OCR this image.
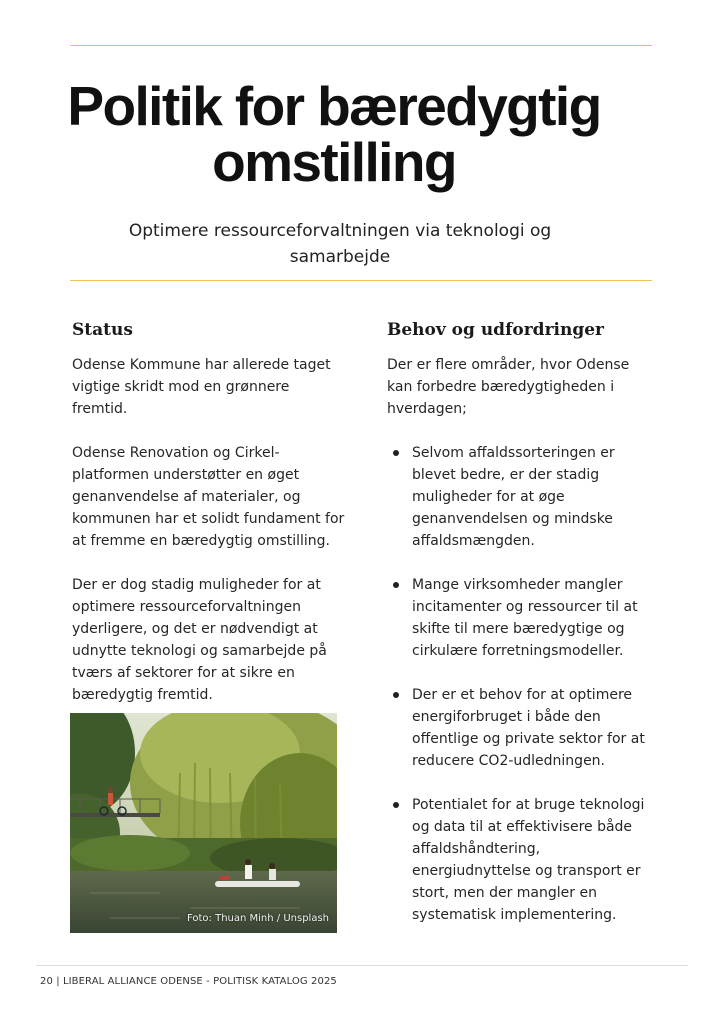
Politik for bæredygtig
omstilling

Optimere ressourceforvaltningen via teknologi og samarbejde

Status

Odense Kommune har allerede taget vigtige skridt mod en grønnere fremtid.

Odense Renovation og Cirkel-platformen understøtter en øget genanvendelse af materialer, og kommunen har et solidt fundament for at fremme en bæredygtig omstilling.

Der er dog stadig muligheder for at optimere ressourceforvaltningen yderligere, og det er nødvendigt at udnytte teknologi og samarbejde på tværs af sektorer for at sikre en bæredygtig fremtid.

Behov og udfordringer

Der er flere områder, hvor Odense kan forbedre bæredygtigheden i hverdagen;

Selvom affaldssorteringen er blevet bedre, er der stadig muligheder for at øge genanvendelsen og mindske affaldsmængden.
Mange virksomheder mangler incitamenter og ressourcer til at skifte til mere bæredygtige og cirkulære forretningsmodeller.
Der er et behov for at optimere energiforbruget i både den offentlige og private sektor for at reducere CO2-udledningen.
Potentialet for at bruge teknologi og data til at effektivisere både affaldshåndtering, energiudnyttelse og transport er stort, men der mangler en systematisk implementering.
Foto: Thuan Minh / Unsplash

20 | LIBERAL ALLIANCE ODENSE - POLITISK KATALOG 2025
